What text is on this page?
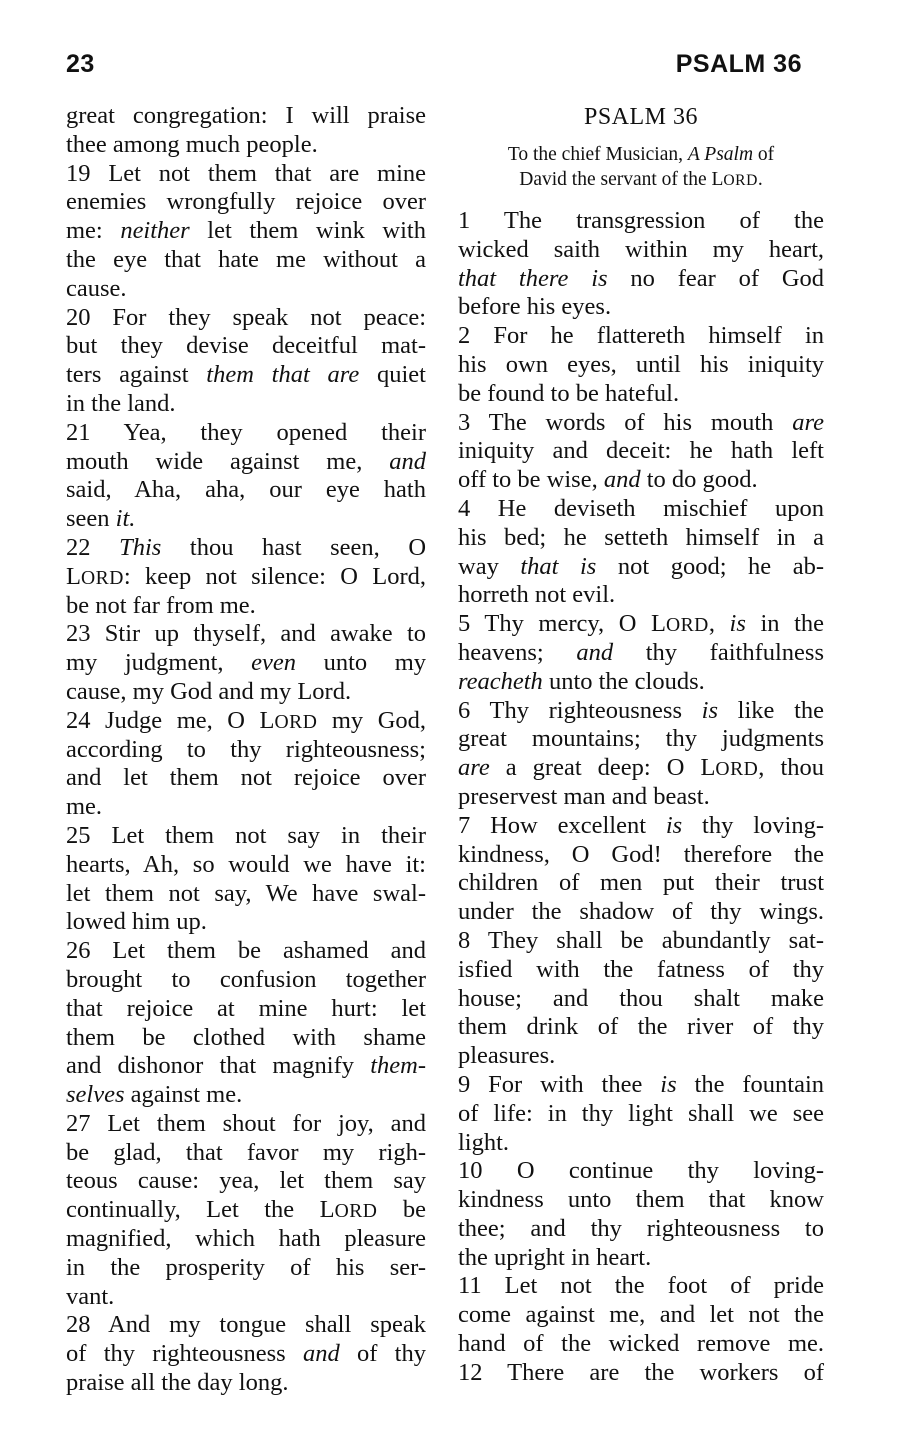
23	PSALM 36
great congregation: I will praise
thee among much people.
19 Let not them that are mine
enemies wrongfully rejoice over
me: neither let them wink with
the eye that hate me without a
cause.
20 For they speak not peace:
but they devise deceitful mat-
ters against them that are quiet
in the land.
21 Yea, they opened their
mouth wide against me, and
said, Aha, aha, our eye hath
seen it.
22 This thou hast seen, O
LORD: keep not silence: O Lord,
be not far from me.
23 Stir up thyself, and awake to
my judgment, even unto my
cause, my God and my Lord.
24 Judge me, O LORD my God,
according to thy righteousness;
and let them not rejoice over
me.
25 Let them not say in their
hearts, Ah, so would we have it:
let them not say, We have swal-
lowed him up.
26 Let them be ashamed and
brought to confusion together
that rejoice at mine hurt: let
them be clothed with shame
and dishonor that magnify them-
selves against me.
27 Let them shout for joy, and
be glad, that favor my righ-
teous cause: yea, let them say
continually, Let the LORD be
magnified, which hath pleasure
in the prosperity of his ser-
vant.
28 And my tongue shall speak
of thy righteousness and of thy
praise all the day long.
PSALM 36
To the chief Musician, A Psalm of
David the servant of the LORD.
1 The transgression of the
wicked saith within my heart,
that there is no fear of God
before his eyes.
2 For he flattereth himself in
his own eyes, until his iniquity
be found to be hateful.
3 The words of his mouth are
iniquity and deceit: he hath left
off to be wise, and to do good.
4 He deviseth mischief upon
his bed; he setteth himself in a
way that is not good; he ab-
horreth not evil.
5 Thy mercy, O LORD, is in the
heavens; and thy faithfulness
reacheth unto the clouds.
6 Thy righteousness is like the
great mountains; thy judgments
are a great deep: O LORD, thou
preservest man and beast.
7 How excellent is thy loving-
kindness, O God! therefore the
children of men put their trust
under the shadow of thy wings.
8 They shall be abundantly sat-
isfied with the fatness of thy
house; and thou shalt make
them drink of the river of thy
pleasures.
9 For with thee is the fountain
of life: in thy light shall we see
light.
10 O continue thy loving-
kindness unto them that know
thee; and thy righteousness to
the upright in heart.
11 Let not the foot of pride
come against me, and let not the
hand of the wicked remove me.
12 There are the workers of
